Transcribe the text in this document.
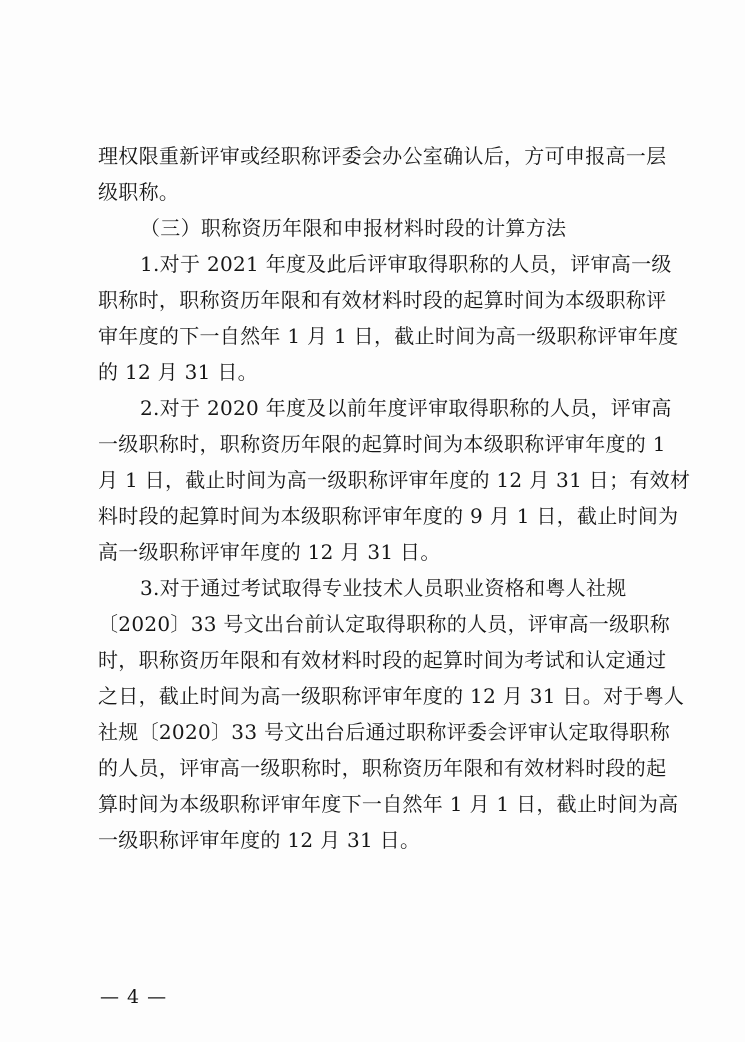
理权限重新评审或经职称评委会办公室确认后，方可申报高一层
级职称。
（三）职称资历年限和申报材料时段的计算方法
1.对于 2021 年度及此后评审取得职称的人员，评审高一级
职称时，职称资历年限和有效材料时段的起算时间为本级职称评
审年度的下一自然年 1 月 1 日，截止时间为高一级职称评审年度
的 12 月 31 日。
2.对于 2020 年度及以前年度评审取得职称的人员，评审高
一级职称时，职称资历年限的起算时间为本级职称评审年度的 1
月 1 日，截止时间为高一级职称评审年度的 12 月 31 日；有效材
料时段的起算时间为本级职称评审年度的 9 月 1 日，截止时间为
高一级职称评审年度的 12 月 31 日。
3.对于通过考试取得专业技术人员职业资格和粤人社规
〔2020〕33 号文出台前认定取得职称的人员，评审高一级职称
时，职称资历年限和有效材料时段的起算时间为考试和认定通过
之日，截止时间为高一级职称评审年度的 12 月 31 日。对于粤人
社规〔2020〕33 号文出台后通过职称评委会评审认定取得职称
的人员，评审高一级职称时，职称资历年限和有效材料时段的起
算时间为本级职称评审年度下一自然年 1 月 1 日，截止时间为高
一级职称评审年度的 12 月 31 日。
— 4 —
